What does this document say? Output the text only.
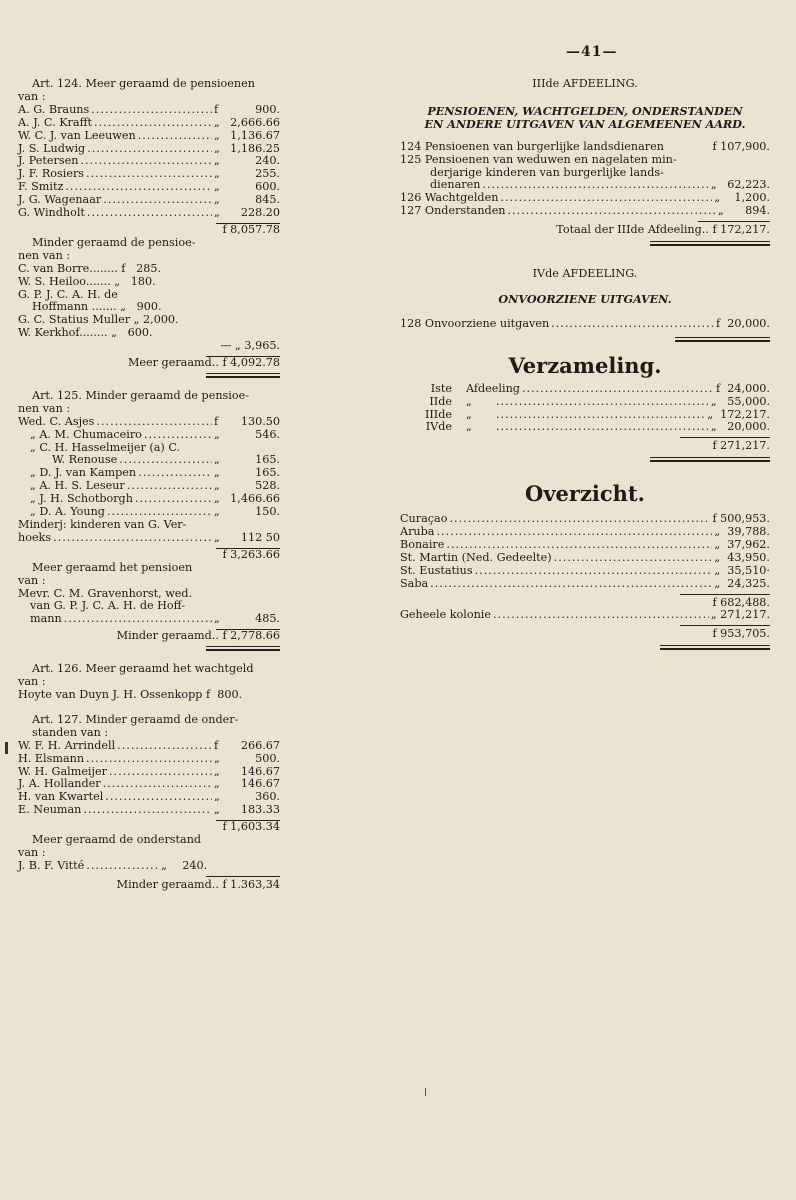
—41—
Art. 124. Meer geraamd de pensioenen
van :
A. G. Brauns .....	f	900.
A. J. C. Krafft .....	„ 2,666.66
W. C. J. van Leeuwen .....	„ 1,136.67
J. S. Ludwig .....	„ 1,186.25
J. Petersen .....	„	240.
J. F. Rosiers .....	„	255.
F. Smitz .....	„	600.
J. G. Wagenaar .....	„	845.
G. Windholt .....	„	228.20
f 8,057.78
Minder geraamd de pensioe-
nen van :
C. van Borre........ f   285.
W. S. Heiloo....... „   180.
G. P. J. C. A. H. de
Hoffmann ....... „   900.
G. C. Statius Muller „ 2,000.
W. Kerkhof........ „   600.
— „ 3,965.
Meer geraamd.. f 4,092.78
Art. 125. Minder geraamd de pensioe-
nen van :
Wed. C. Asjes .....	f	130.50
„ A. M. Chumaceiro .....	„	546.
„ C. H. Hasselmeijer (a) C.
W. Renouse .....	„	165.
„ D. J. van Kampen .....	„	165.
„ A. H. S. Leseur .....	„	528.
„ J. H. Schotborgh .....	„ 1,466.66
„ D. A. Young .....	„	150.
Minderj: kinderen van G. Ver-
hoeks .....	„	112 50
f 3,263.66
Meer geraamd het pensioen
van :
Mevr. C. M. Gravenhorst, wed.
van G. P. J. C. A. H. de Hoff-
mann .....	„	485.
Minder geraamd.. f 2,778.66
Art. 126. Meer geraamd het wachtgeld
van :
Hoyte van Duyn J. H. Ossenkopp f  800.
Art. 127. Minder geraamd de onder-
standen van :
W. F. H. Arrindell .....	f	266.67
H. Elsmann .....	„	500.
W. H. Galmeijer .....	„	146.67
J. A. Hollander .....	„	146.67
H. van Kwartel .....	„	360.
E. Neuman .....	„	183.33
f 1,603.34
Meer geraamd de onderstand
van :
J. B. F. Vitté .....	„	240.
Minder geraamd.. f 1.363,34
IIIde AFDEELING.
PENSIOENEN, WACHTGELDEN, ONDERSTANDEN
EN ANDERE UITGAVEN VAN ALGEMEENEN AARD.
124 Pensioenen van burgerlijke landsdienaren	f 107,900.
125 Pensioenen van weduwen en nagelaten min-
derjarige kinderen van burgerlijke lands-
dienaren .....	„   62,223.
126 Wachtgelden .....	„    1,200.
127 Onderstanden .....	„      894.
Totaal der IIIde Afdeeling.. f 172,217.
IVde AFDEELING.
ONVOORZIENE UITGAVEN.
128 Onvoorziene uitgaven .....	f  20,000.
Verzameling.
Iste Afdeeling .....	f  24,000.
IIde „ .....	„   55,000.
IIIde „ .....	„  172,217.
IVde „ .....	„   20,000.
f 271,217.
Overzicht.
Curaçao .....	f 500,953.
Aruba .....	„  39,788.
Bonaire .....	„  37,962.
St. Martin (Ned. Gedeelte) .....	„  43,950.
St. Eustatius .....	„  35,510·
Saba .....	„  24,325.
f 682,488.
Geheele kolonie .....	„ 271,217.
f 953,705.
